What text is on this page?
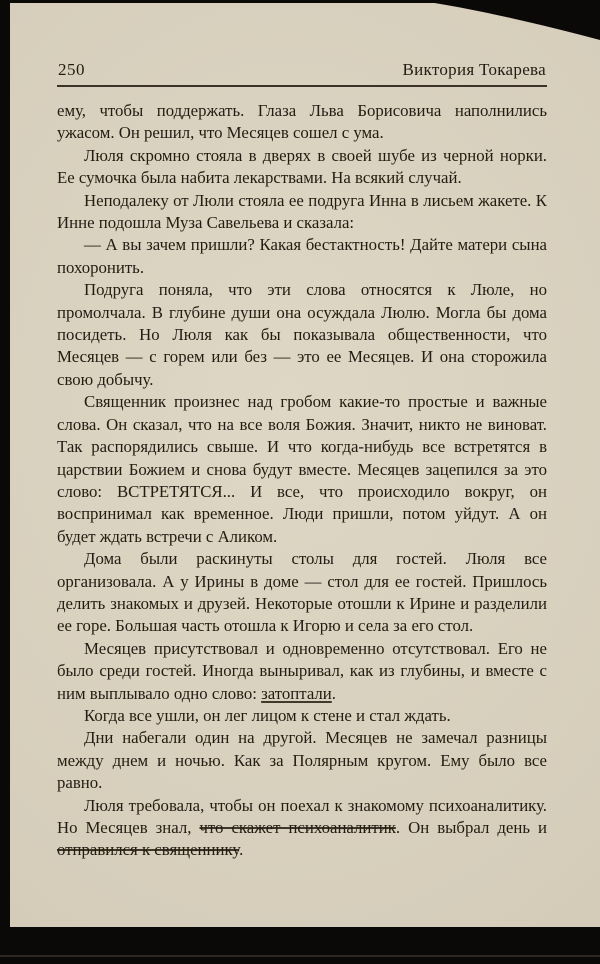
250	Виктория Токарева

ему, чтобы поддержать. Глаза Льва Борисовича наполнились ужасом. Он решил, что Месяцев сошел с ума.

Люля скромно стояла в дверях в своей шубе из черной норки. Ее сумочка была набита лекарствами. На всякий случай.

Неподалеку от Люли стояла ее подруга Инна в лисьем жакете. К Инне подошла Муза Савельева и сказала:

— А вы зачем пришли? Какая бестактность! Дайте матери сына похоронить.

Подруга поняла, что эти слова относятся к Люле, но промолчала. В глубине души она осуждала Люлю. Могла бы дома посидеть. Но Люля как бы показывала общественности, что Месяцев — с горем или без — это ее Месяцев. И она сторожила свою добычу.

Священник произнес над гробом какие-то простые и важные слова. Он сказал, что на все воля Божия. Значит, никто не виноват. Так распорядились свыше. И что когда-нибудь все встретятся в царствии Божием и снова будут вместе. Месяцев зацепился за это слово: ВСТРЕТЯТСЯ... И все, что происходило вокруг, он воспринимал как временное. Люди пришли, потом уйдут. А он будет ждать встречи с Аликом.

Дома были раскинуты столы для гостей. Люля все организовала. А у Ирины в доме — стол для ее гостей. Пришлось делить знакомых и друзей. Некоторые отошли к Ирине и разделили ее горе. Большая часть отошла к Игорю и села за его стол.

Месяцев присутствовал и одновременно отсутствовал. Его не было среди гостей. Иногда выныривал, как из глубины, и вместе с ним выплывало одно слово: затоптали.

Когда все ушли, он лег лицом к стене и стал ждать.

Дни набегали один на другой. Месяцев не замечал разницы между днем и ночью. Как за Полярным кругом. Ему было все равно.

Люля требовала, чтобы он поехал к знакомому психоаналитику. Но Месяцев знал, что скажет психоаналитик. Он выбрал день и отправился к священнику.
